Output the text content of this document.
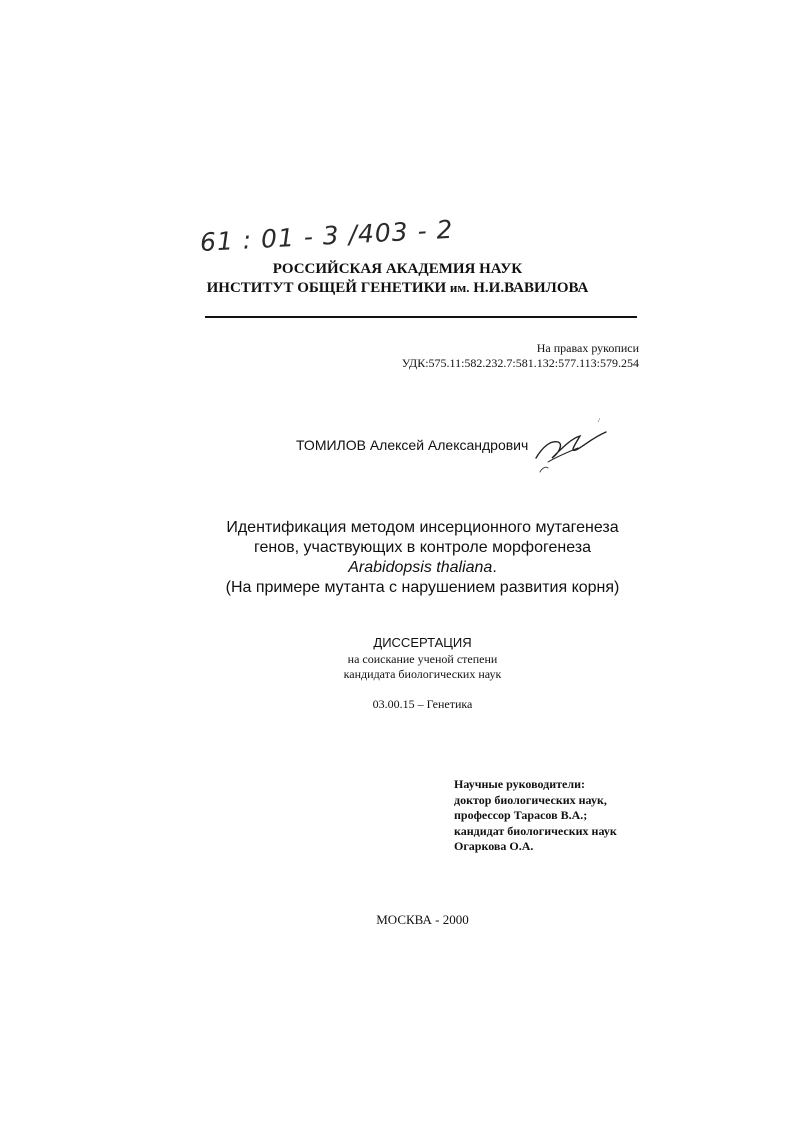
61 : 01 - 3 /403 - 2
РОССИЙСКАЯ АКАДЕМИЯ НАУК
ИНСТИТУТ ОБЩЕЙ ГЕНЕТИКИ им. Н.И.ВАВИЛОВА
На правах рукописи
УДК:575.11:582.232.7:581.132:577.113:579.254
ТОМИЛОВ Алексей Александрович
Идентификация методом инсерционного мутагенеза
генов, участвующих в контроле морфогенеза
Arabidopsis thaliana.
(На примере мутанта с нарушением развития корня)
ДИССЕРТАЦИЯ
на соискание ученой степени
кандидата биологических наук
03.00.15 – Генетика
Научные руководители:
доктор биологических наук,
профессор Тарасов В.А.;
кандидат биологических наук
Огаркова О.А.
МОСКВА - 2000
